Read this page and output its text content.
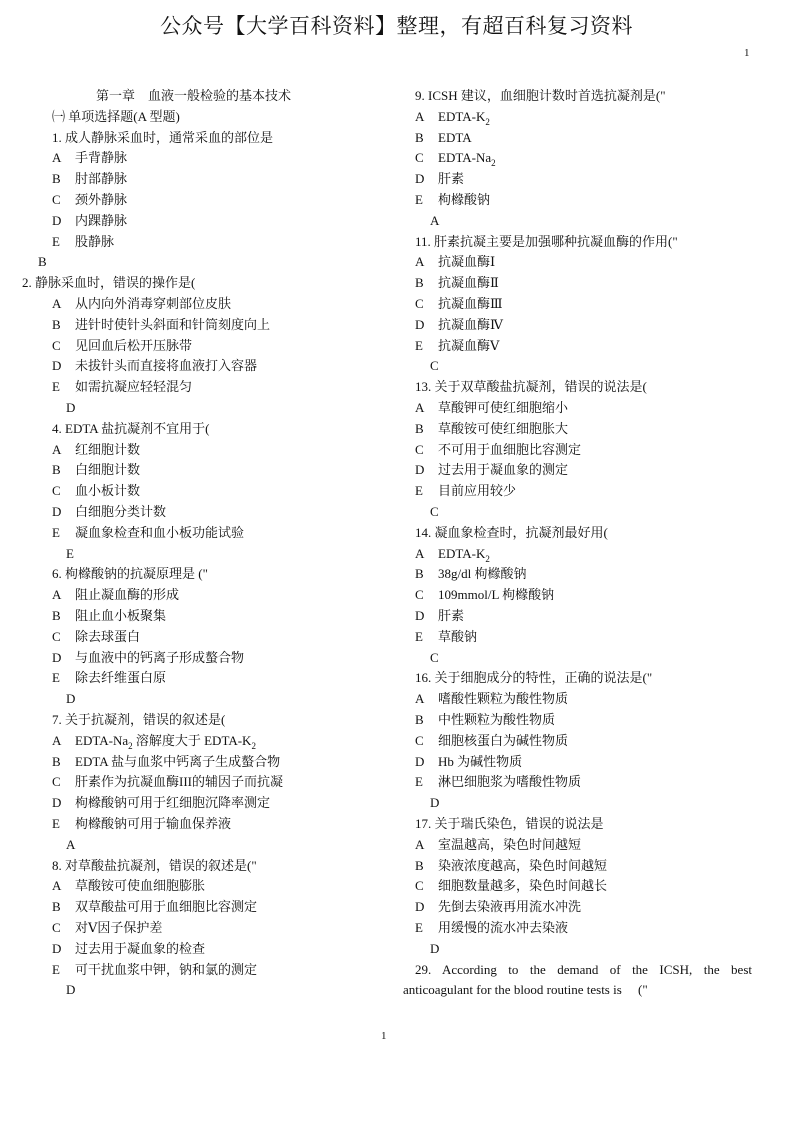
公众号【大学百科资料】整理，有超百科复习资料
1
第一章　血液一般检验的基本技术
㈠ 单项选择题(A 型题)
1. 成人静脉采血时，通常采血的部位是
A 手背静脉
B 肘部静脉
C 颈外静脉
D 内踝静脉
E 股静脉
B
2. 静脉采血时，错误的操作是(
A 从内向外消毒穿刺部位皮肤
B 进针时使针头斜面和针筒刻度向上
C 见回血后松开压脉带
D 未拔针头而直接将血液打入容器
E 如需抗凝应轻轻混匀
D
4. EDTA 盐抗凝剂不宜用于(
A 红细胞计数
B 白细胞计数
C 血小板计数
D 白细胞分类计数
E 凝血象检查和血小板功能试验
E
6. 枸橼酸钠的抗凝原理是 ("
A 阻止凝血酶的形成
B 阻止血小板聚集
C 除去球蛋白
D 与血液中的钙离子形成螯合物
E 除去纤维蛋白原
D
7. 关于抗凝剂，错误的叙述是(
A EDTA-$Na_2$ 溶解度大于 EDTA-$K_2$
B EDTA 盐与血浆中钙离子生成螯合物
C 肝素作为抗凝血酶III的辅因子而抗凝
D 枸橼酸钠可用于红细胞沉降率测定
E 枸橼酸钠可用于输血保养液
A
8. 对草酸盐抗凝剂，错误的叙述是("
A 草酸铵可使血细胞膨胀
B 双草酸盐可用于血细胞比容测定
C 对Ⅴ因子保护差
D 过去用于凝血象的检查
E 可干扰血浆中钾，钠和氯的测定
D
9. ICSH 建议，血细胞计数时首选抗凝剂是("
A EDTA-$K_2$
B EDTA
C EDTA-$Na_2$
D 肝素
E 枸橼酸钠
A
11. 肝素抗凝主要是加强哪种抗凝血酶的作用("
A 抗凝血酶Ⅰ
B 抗凝血酶Ⅱ
C 抗凝血酶Ⅲ
D 抗凝血酶Ⅳ
E 抗凝血酶Ⅴ
C
13. 关于双草酸盐抗凝剂，错误的说法是(
A 草酸钾可使红细胞缩小
B 草酸铵可使红细胞胀大
C 不可用于血细胞比容测定
D 过去用于凝血象的测定
E 目前应用较少
C
14. 凝血象检查时，抗凝剂最好用(
A EDTA-$K_2$
B 38g/dl 枸橼酸钠
C 109mmol/L 枸橼酸钠
D 肝素
E 草酸钠
C
16. 关于细胞成分的特性，正确的说法是("
A 嗜酸性颗粒为酸性物质
B 中性颗粒为酸性物质
C 细胞核蛋白为碱性物质
D Hb 为碱性物质
E 淋巴细胞浆为嗜酸性物质
D
17. 关于瑞氏染色，错误的说法是
A 室温越高，染色时间越短
B 染液浓度越高，染色时间越短
C 细胞数量越多，染色时间越长
D 先倒去染液再用流水冲洗
E 用缓慢的流水冲去染液
D
29. According to the demand of the ICSH, the best
anticoagulant for the blood routine tests is　 ("
1
